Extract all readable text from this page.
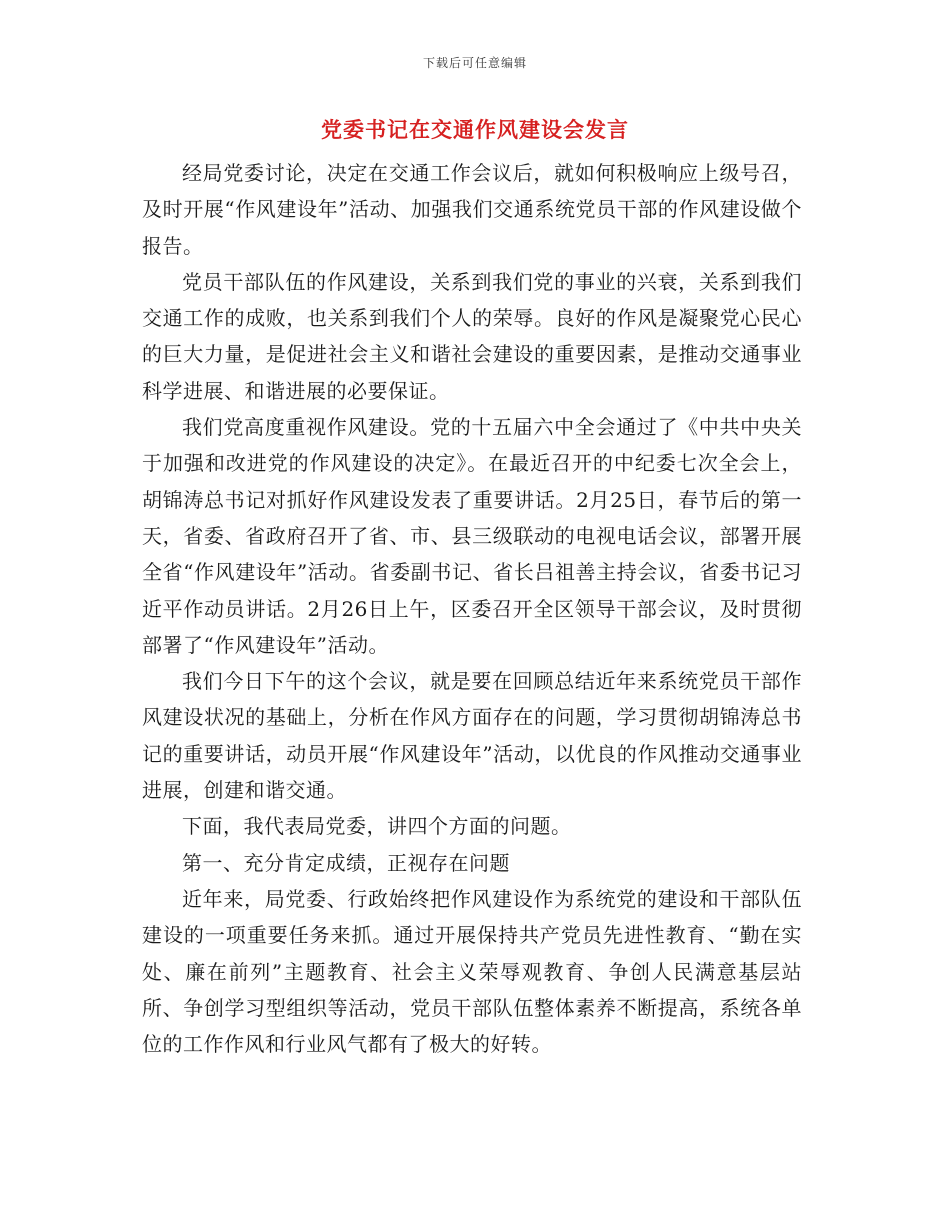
下载后可任意编辑
党委书记在交通作风建设会发言

经局党委讨论，决定在交通工作会议后，就如何积极响应上级号召，及时开展“作风建设年”活动、加强我们交通系统党员干部的作风建设做个报告。

党员干部队伍的作风建设，关系到我们党的事业的兴衰，关系到我们交通工作的成败，也关系到我们个人的荣辱。良好的作风是凝聚党心民心的巨大力量，是促进社会主义和谐社会建设的重要因素，是推动交通事业科学进展、和谐进展的必要保证。

我们党高度重视作风建设。党的十五届六中全会通过了《中共中央关于加强和改进党的作风建设的决定》。在最近召开的中纪委七次全会上，胡锦涛总书记对抓好作风建设发表了重要讲话。2月25日，春节后的第一天，省委、省政府召开了省、市、县三级联动的电视电话会议，部署开展全省“作风建设年”活动。省委副书记、省长吕祖善主持会议，省委书记习近平作动员讲话。2月26日上午，区委召开全区领导干部会议，及时贯彻部署了“作风建设年”活动。

我们今日下午的这个会议，就是要在回顾总结近年来系统党员干部作风建设状况的基础上，分析在作风方面存在的问题，学习贯彻胡锦涛总书记的重要讲话，动员开展“作风建设年”活动，以优良的作风推动交通事业进展，创建和谐交通。

下面，我代表局党委，讲四个方面的问题。

第一、充分肯定成绩，正视存在问题

近年来，局党委、行政始终把作风建设作为系统党的建设和干部队伍建设的一项重要任务来抓。通过开展保持共产党员先进性教育、“勤在实处、廉在前列”主题教育、社会主义荣辱观教育、争创人民满意基层站所、争创学习型组织等活动，党员干部队伍整体素养不断提高，系统各单位的工作作风和行业风气都有了极大的好转。
